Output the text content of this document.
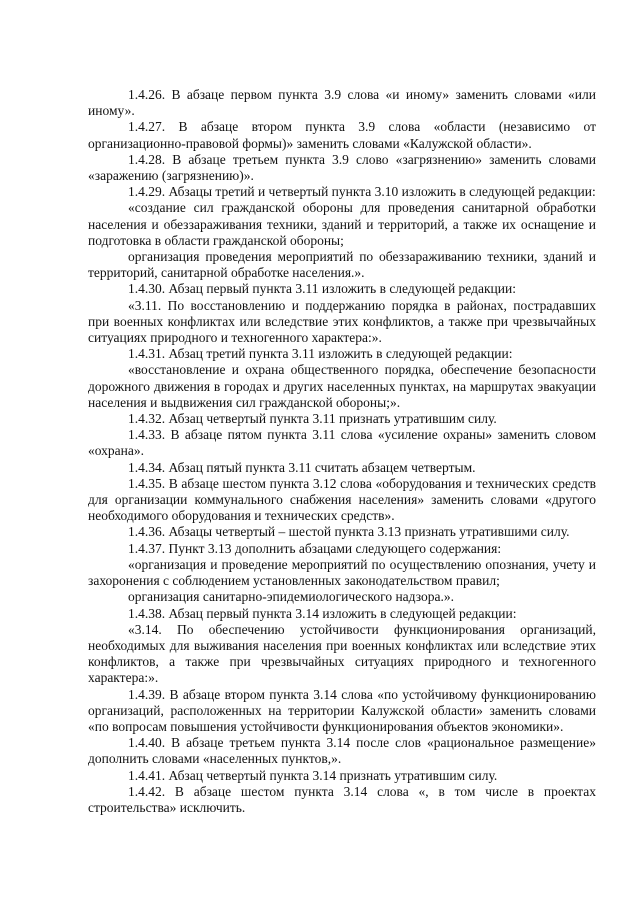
1.4.26. В абзаце первом пункта 3.9 слова «и иному» заменить словами «или иному».

1.4.27. В абзаце втором пункта 3.9 слова «области (независимо от организационно-правовой формы)» заменить словами «Калужской области».

1.4.28. В абзаце третьем пункта 3.9 слово «загрязнению» заменить словами «заражению (загрязнению)».

1.4.29. Абзацы третий и четвертый пункта 3.10 изложить в следующей редакции:

«создание сил гражданской обороны для проведения санитарной обработки населения и обеззараживания техники, зданий и территорий, а также их оснащение и подготовка в области гражданской обороны;

организация проведения мероприятий по обеззараживанию техники, зданий и территорий, санитарной обработке населения.».

1.4.30. Абзац первый пункта 3.11 изложить в следующей редакции:

«3.11. По восстановлению и поддержанию порядка в районах, пострадавших при военных конфликтах или вследствие этих конфликтов, а также при чрезвычайных ситуациях природного и техногенного характера:».

1.4.31. Абзац третий пункта 3.11 изложить в следующей редакции:

«восстановление и охрана общественного порядка, обеспечение безопасности дорожного движения в городах и других населенных пунктах, на маршрутах эвакуации населения и выдвижения сил гражданской обороны;».

1.4.32. Абзац четвертый пункта 3.11 признать утратившим силу.

1.4.33. В абзаце пятом пункта 3.11 слова «усиление охраны» заменить словом «охрана».

1.4.34. Абзац пятый пункта 3.11 считать абзацем четвертым.

1.4.35. В абзаце шестом пункта 3.12 слова «оборудования и технических средств для организации коммунального снабжения населения» заменить словами «другого необходимого оборудования и технических средств».

1.4.36. Абзацы четвертый – шестой пункта 3.13 признать утратившими силу.

1.4.37. Пункт 3.13 дополнить абзацами следующего содержания:

«организация и проведение мероприятий по осуществлению опознания, учету и захоронения с соблюдением установленных законодательством правил;

организация санитарно-эпидемиологического надзора.».

1.4.38. Абзац первый пункта 3.14 изложить в следующей редакции:

«3.14. По обеспечению устойчивости функционирования организаций, необходимых для выживания населения при военных конфликтах или вследствие этих конфликтов, а также при чрезвычайных ситуациях природного и техногенного характера:».

1.4.39. В абзаце втором пункта 3.14 слова «по устойчивому функционированию организаций, расположенных на территории Калужской области» заменить словами «по вопросам повышения устойчивости функционирования объектов экономики».

1.4.40. В абзаце третьем пункта 3.14 после слов «рациональное размещение» дополнить словами «населенных пунктов,».

1.4.41. Абзац четвертый пункта 3.14 признать утратившим силу.

1.4.42. В абзаце шестом пункта 3.14 слова «, в том числе в проектах строительства» исключить.
